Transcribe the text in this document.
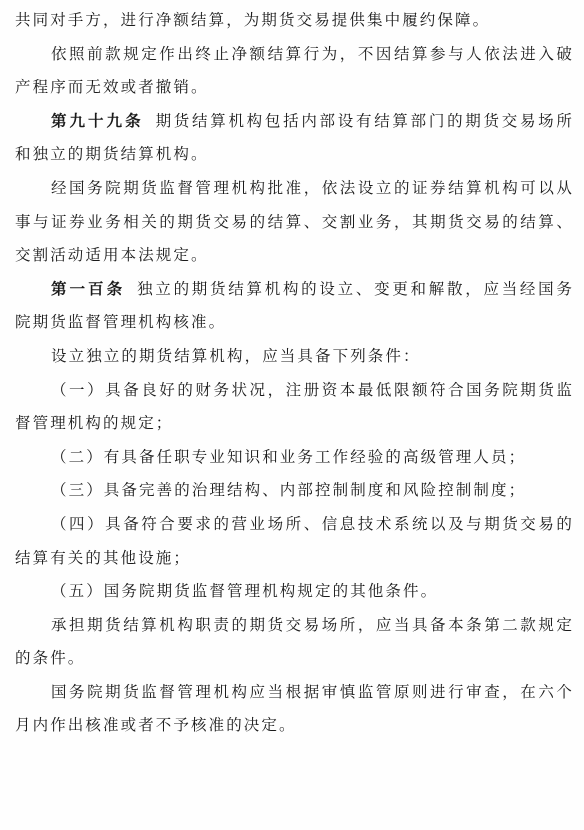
共同对手方，进行净额结算，为期货交易提供集中履约保障。

依照前款规定作出终止净额结算行为，不因结算参与人依法进入破产程序而无效或者撤销。

第九十九条 期货结算机构包括内部设有结算部门的期货交易场所和独立的期货结算机构。

经国务院期货监督管理机构批准，依法设立的证券结算机构可以从事与证券业务相关的期货交易的结算、交割业务，其期货交易的结算、交割活动适用本法规定。

第一百条 独立的期货结算机构的设立、变更和解散，应当经国务院期货监督管理机构核准。

设立独立的期货结算机构，应当具备下列条件：

（一）具备良好的财务状况，注册资本最低限额符合国务院期货监督管理机构的规定；

（二）有具备任职专业知识和业务工作经验的高级管理人员；

（三）具备完善的治理结构、内部控制制度和风险控制制度；

（四）具备符合要求的营业场所、信息技术系统以及与期货交易的结算有关的其他设施；

（五）国务院期货监督管理机构规定的其他条件。

承担期货结算机构职责的期货交易场所，应当具备本条第二款规定的条件。

国务院期货监督管理机构应当根据审慎监管原则进行审查，在六个月内作出核准或者不予核准的决定。
